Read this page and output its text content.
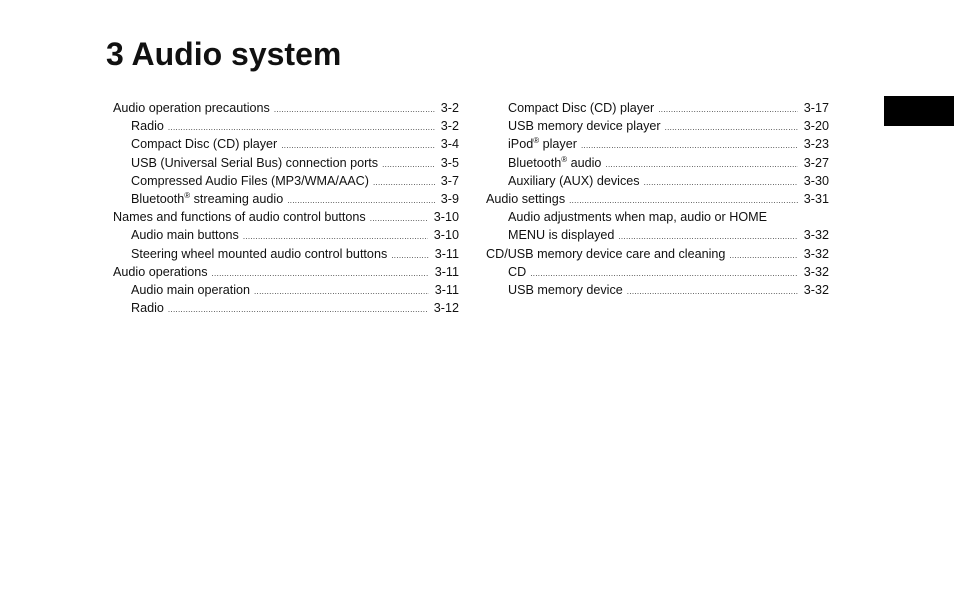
3 Audio system
Audio operation precautions .....	3-2
Radio .....	3-2
Compact Disc (CD) player .....	3-4
USB (Universal Serial Bus) connection ports .....	3-5
Compressed Audio Files (MP3/WMA/AAC) .....	3-7
Bluetooth® streaming audio .....	3-9
Names and functions of audio control buttons .....	3-10
Audio main buttons .....	3-10
Steering wheel mounted audio control buttons .....	3-11
Audio operations .....	3-11
Audio main operation .....	3-11
Radio .....	3-12
Compact Disc (CD) player .....	3-17
USB memory device player .....	3-20
iPod® player .....	3-23
Bluetooth® audio .....	3-27
Auxiliary (AUX) devices .....	3-30
Audio settings .....	3-31
Audio adjustments when map, audio or HOME
MENU is displayed .....	3-32
CD/USB memory device care and cleaning .....	3-32
CD .....	3-32
USB memory device .....	3-32
